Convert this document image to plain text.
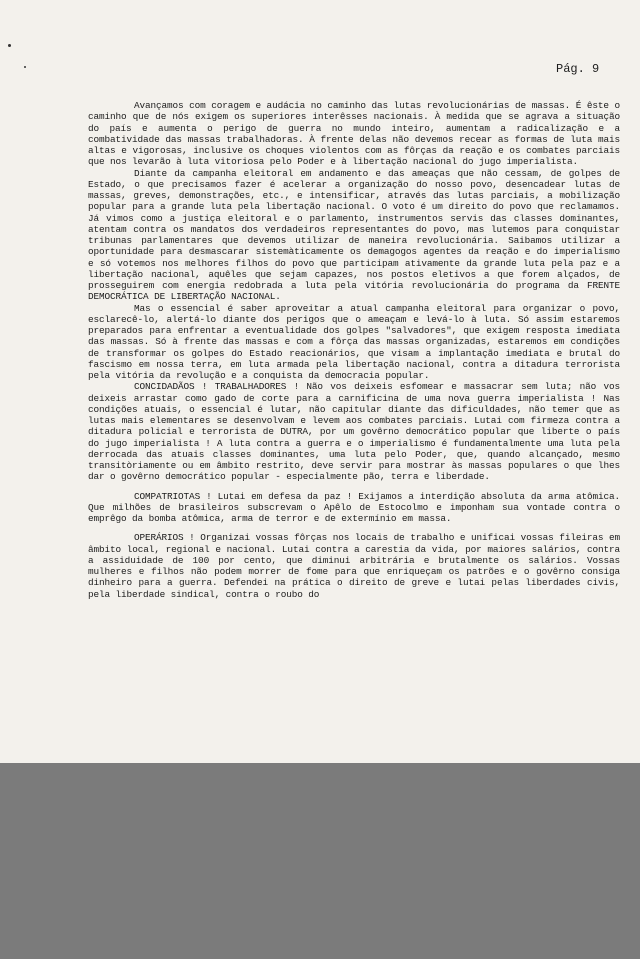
Pág. 9

Avançamos com coragem e audácia no caminho das lutas revolucionárias de massas. É êste o caminho que de nós exigem os superiores interêsses nacionais. À medida que se agrava a situação do país e aumenta o perigo de guerra no mundo inteiro, aumentam a radicalização e a combatividade das massas trabalhadoras. À frente delas não devemos recear as formas de luta mais altas e vigorosas, inclusive os choques violentos com as fôrças da reação e os combates parciais que nos levarão à luta vitoriosa pelo Poder e à libertação nacional do jugo imperialista.

Diante da campanha eleitoral em andamento e das ameaças que não cessam, de golpes de Estado, o que precisamos fazer é acelerar a organização do nosso povo, desencadear lutas de massas, greves, demonstrações, etc., e intensificar, através das lutas parciais, a mobilização popular para a grande luta pela libertação nacional. O voto é um direito do povo que reclamamos. Já vimos como a justiça eleitoral e o parlamento, instrumentos servis das classes dominantes, atentam contra os mandatos dos verdadeiros representantes do povo, mas lutemos para conquistar tribunas parlamentares que devemos utilizar de maneira revolucionária. Saibamos utilizar a oportunidade para desmascarar sistemàticamente os demagogos agentes da reação e do imperialismo e só votemos nos melhores filhos do povo que participam ativamente da grande luta pela paz e a libertação nacional, aquêles que sejam capazes, nos postos eletivos a que forem alçados, de prosseguirem com energia redobrada a luta pela vitória revolucionária do programa da FRENTE DEMOCRÁTICA DE LIBERTAÇÃO NACIONAL.

Mas o essencial é saber aproveitar a atual campanha eleitoral para organizar o povo, esclarecê-lo, alertá-lo diante dos perigos que o ameaçam e levá-lo à luta. Só assim estaremos preparados para enfrentar a eventualidade dos golpes "salvadores", que exigem resposta imediata das massas. Só à frente das massas e com a fôrça das massas organizadas, estaremos em condições de transformar os golpes do Estado reacionários, que visam a implantação imediata e brutal do fascismo em nossa terra, em luta armada pela libertação nacional, contra a ditadura terrorista pela vitória da revolução e a conquista da democracia popular.

CONCIDADÃOS ! TRABALHADORES ! Não vos deixeis esfomear e massacrar sem luta; não vos deixeis arrastar como gado de corte para a carnificina de uma nova guerra imperialista ! Nas condições atuais, o essencial é lutar, não capitular diante das dificuldades, não temer que as lutas mais elementares se desenvolvam e levem aos combates parciais. Lutai com firmeza contra a ditadura policial e terrorista de DUTRA, por um govêrno democrático popular que liberte o país do jugo imperialista ! A luta contra a guerra e o imperialismo é fundamentalmente uma luta pela derrocada das atuais classes dominantes, uma luta pelo Poder, que, quando alcançado, mesmo transitòriamente ou em âmbito restrito, deve servir para mostrar às massas populares o que lhes dar o govêrno democrático popular - especialmente pão, terra e liberdade.

COMPATRIOTAS ! Lutai em defesa da paz ! Exijamos a interdição absoluta da arma atômica. Que milhões de brasileiros subscrevam o Apêlo de Estocolmo e imponham sua vontade contra o emprêgo da bomba atômica, arma de terror e de extermínio em massa.

OPERÁRIOS ! Organizai vossas fôrças nos locais de trabalho e unificai vossas fileiras em âmbito local, regional e nacional. Lutai contra a carestia da vida, por maiores salários, contra a assiduidade de 100 por cento, que diminui arbitrária e brutalmente os salários. Vossas mulheres e filhos não podem morrer de fome para que enriqueçam os patrões e o govêrno consiga dinheiro para a guerra. Defendei na prática o direito de greve e lutai pelas liberdades civis, pela liberdade sindical, contra o roubo do
